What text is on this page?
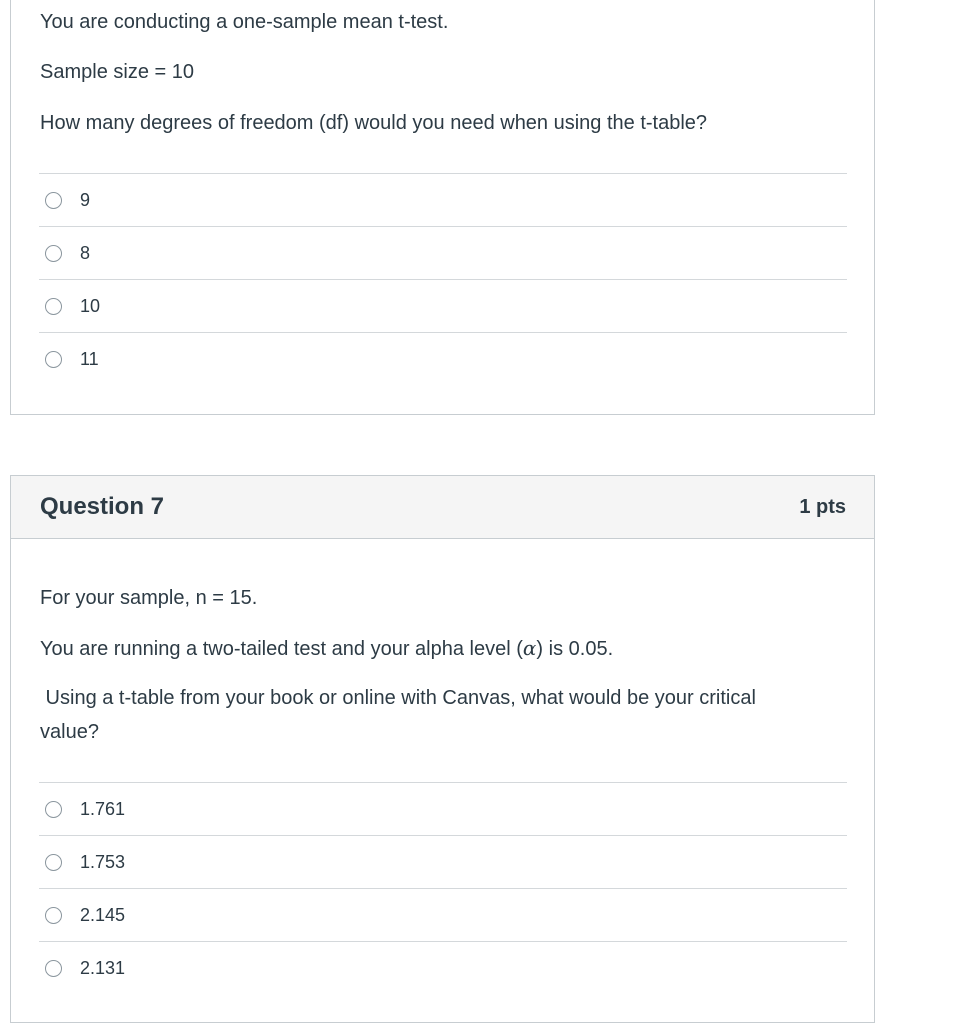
You are conducting a one-sample mean t-test.

Sample size = 10

How many degrees of freedom (df) would you need when using the t-table?

9
8
10
11
Question 7	1 pts

For your sample, n = 15.

You are running a two-tailed test and your alpha level (α) is 0.05.

Using a t-table from your book or online with Canvas, what would be your critical

value?

1.761
1.753
2.145
2.131
